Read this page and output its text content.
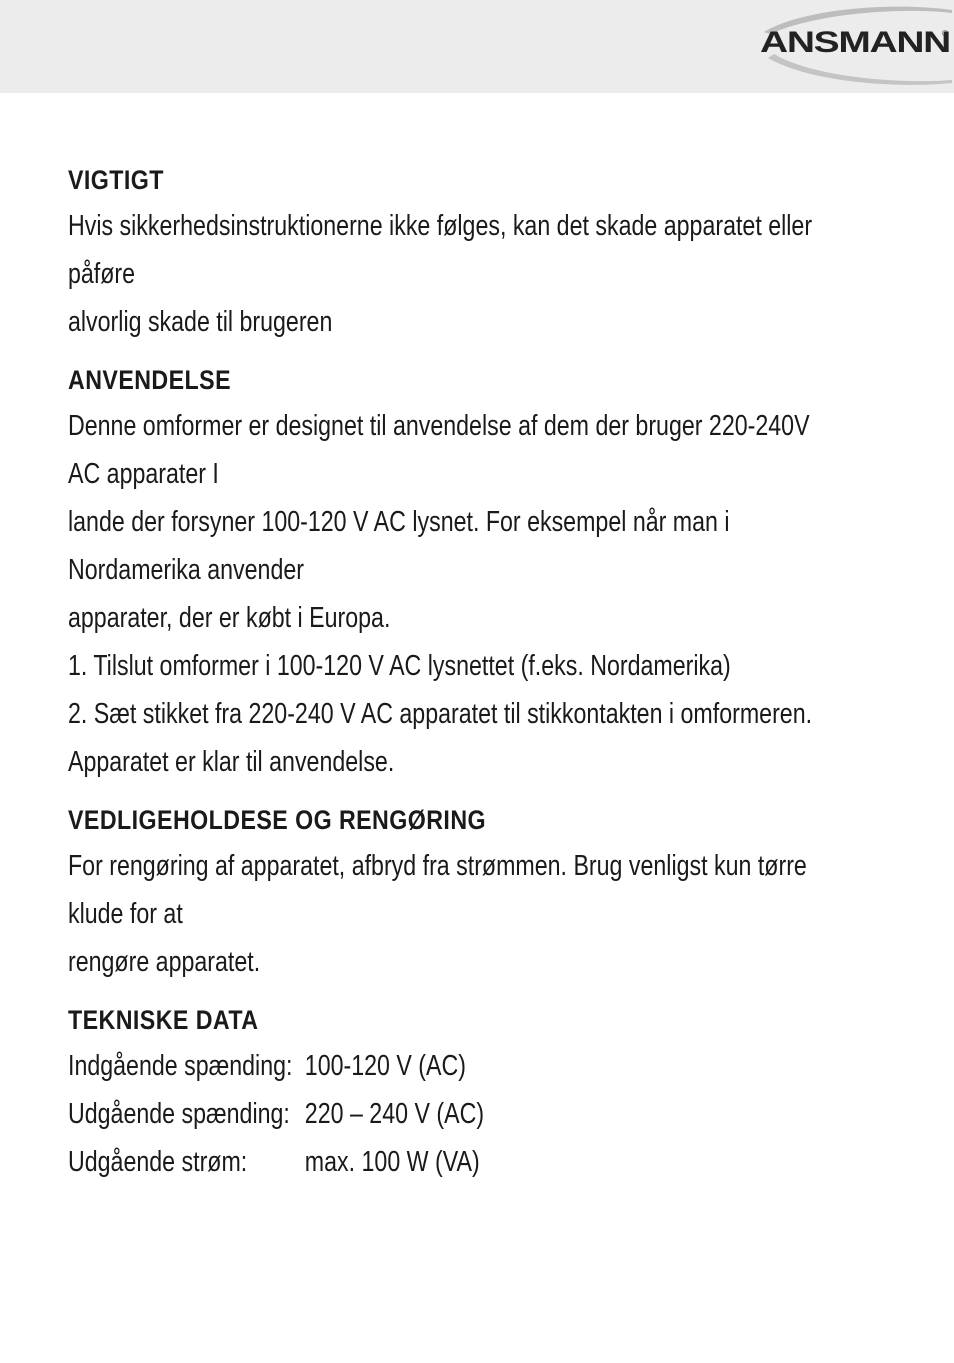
ANSMANN
®
VIGTIGT
Hvis sikkerhedsinstruktionerne ikke følges, kan det skade apparatet eller
påføre
alvorlig skade til brugeren
ANVENDELSE
Denne omformer er designet til anvendelse af dem der bruger 220-240V
AC apparater I
lande der forsyner 100-120 V AC lysnet. For eksempel når man i
Nordamerika anvender
apparater, der er købt i Europa.
1. Tilslut omformer i 100-120 V AC lysnettet (f.eks. Nordamerika)
2. Sæt stikket fra 220-240 V AC apparatet til stikkontakten i omformeren.
Apparatet er klar til anvendelse.
VEDLIGEHOLDESE OG RENGØRING
For rengøring af apparatet, afbryd fra strømmen. Brug venligst kun tørre
klude for at
rengøre apparatet.
TEKNISKE DATA
Indgående spænding: 100-120 V (AC)
Udgående spænding: 220 – 240 V (AC)
Udgående strøm:	max. 100 W (VA)
